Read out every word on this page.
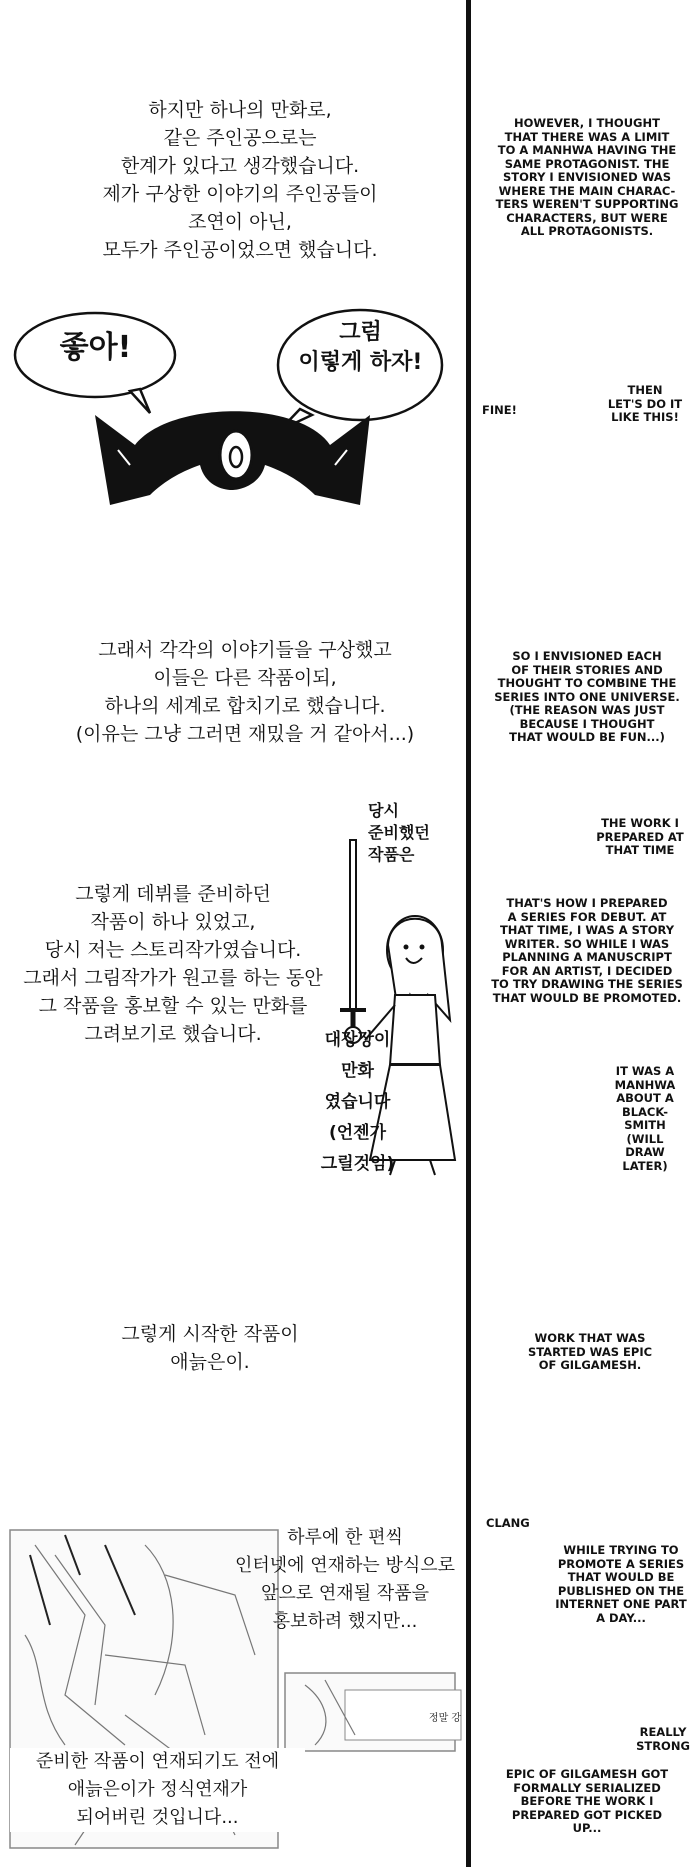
하지만 하나의 만화로,
같은 주인공으로는
한계가 있다고 생각했습니다.
제가 구상한 이야기의 주인공들이
조연이 아닌,
모두가 주인공이었으면 했습니다.
좋아!	그럼
이렇게 하자!
그래서 각각의 이야기들을 구상했고
이들은 다른 작품이되,
하나의 세계로 합치기로 했습니다.
(이유는 그냥 그러면 재밌을 거 같아서...)
그렇게 데뷔를 준비하던
작품이 하나 있었고,
당시 저는 스토리작가였습니다.
그래서 그림작가가 원고를 하는 동안
그 작품을 홍보할 수 있는 만화를
그려보기로 했습니다.
당시
준비했던
작품은
대장장이
만화
였습니다
(언젠가
그릴것임)
그렇게 시작한 작품이
애늙은이.
하루에 한 편씩
인터넷에 연재하는 방식으로
앞으로 연재될 작품을
홍보하려 했지만...
정말 강
준비한 작품이 연재되기도 전에
애늙은이가 정식연재가
되어버린 것입니다...
HOWEVER, I THOUGHT
THAT THERE WAS A LIMIT
TO A MANHWA HAVING THE
SAME PROTAGONIST. THE
STORY I ENVISIONED WAS
WHERE THE MAIN CHARAC-
TERS WEREN'T SUPPORTING
CHARACTERS, BUT WERE
ALL PROTAGONISTS.
FINE!
THEN
LET'S DO IT
LIKE THIS!
SO I ENVISIONED EACH
OF THEIR STORIES AND
THOUGHT TO COMBINE THE
SERIES INTO ONE UNIVERSE.
(THE REASON WAS JUST
BECAUSE I THOUGHT
THAT WOULD BE FUN...)
THE WORK I
PREPARED AT
THAT TIME
THAT'S HOW I PREPARED
A SERIES FOR DEBUT. AT
THAT TIME, I WAS A STORY
WRITER. SO WHILE I WAS
PLANNING A MANUSCRIPT
FOR AN ARTIST, I DECIDED
TO TRY DRAWING THE SERIES
THAT WOULD BE PROMOTED.
IT WAS A
MANHWA
ABOUT A
BLACK-
SMITH
(WILL
DRAW
LATER)
WORK THAT WAS
STARTED WAS EPIC
OF GILGAMESH.
CLANG
WHILE TRYING TO
PROMOTE A SERIES
THAT WOULD BE
PUBLISHED ON THE
INTERNET ONE PART
A DAY...
REALLY
STRONG
EPIC OF GILGAMESH GOT
FORMALLY SERIALIZED
BEFORE THE WORK I
PREPARED GOT PICKED
UP...
